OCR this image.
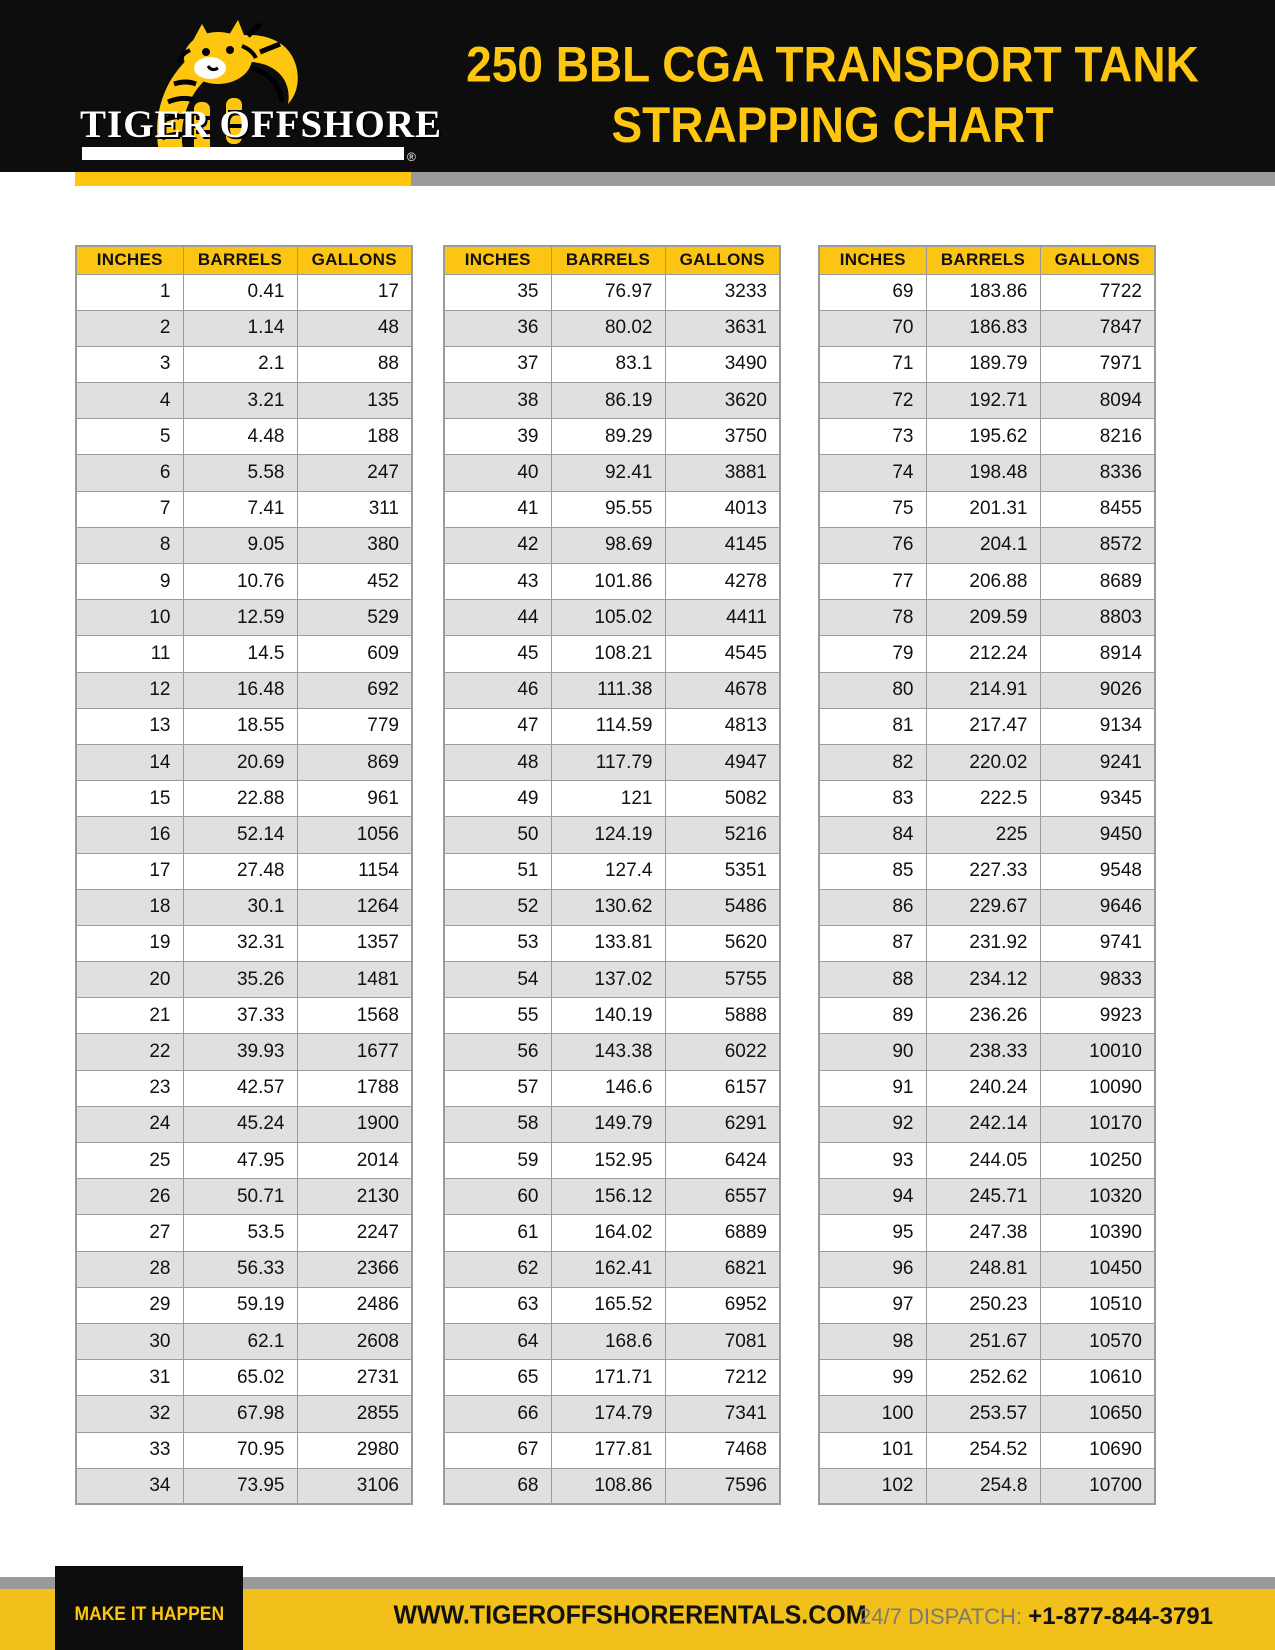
TIGER  OFFSHORE
®
250 BBL CGA TRANSPORT TANK
STRAPPING CHART
INCHES	BARRELS	GALLONS
1	0.41	17
2	1.14	48
3	2.1	88
4	3.21	135
5	4.48	188
6	5.58	247
7	7.41	311
8	9.05	380
9	10.76	452
10	12.59	529
11	14.5	609
12	16.48	692
13	18.55	779
14	20.69	869
15	22.88	961
16	52.14	1056
17	27.48	1154
18	30.1	1264
19	32.31	1357
20	35.26	1481
21	37.33	1568
22	39.93	1677
23	42.57	1788
24	45.24	1900
25	47.95	2014
26	50.71	2130
27	53.5	2247
28	56.33	2366
29	59.19	2486
30	62.1	2608
31	65.02	2731
32	67.98	2855
33	70.95	2980
34	73.95	3106
INCHES	BARRELS	GALLONS
35	76.97	3233
36	80.02	3631
37	83.1	3490
38	86.19	3620
39	89.29	3750
40	92.41	3881
41	95.55	4013
42	98.69	4145
43	101.86	4278
44	105.02	4411
45	108.21	4545
46	111.38	4678
47	114.59	4813
48	117.79	4947
49	121	5082
50	124.19	5216
51	127.4	5351
52	130.62	5486
53	133.81	5620
54	137.02	5755
55	140.19	5888
56	143.38	6022
57	146.6	6157
58	149.79	6291
59	152.95	6424
60	156.12	6557
61	164.02	6889
62	162.41	6821
63	165.52	6952
64	168.6	7081
65	171.71	7212
66	174.79	7341
67	177.81	7468
68	108.86	7596
INCHES	BARRELS	GALLONS
69	183.86	7722
70	186.83	7847
71	189.79	7971
72	192.71	8094
73	195.62	8216
74	198.48	8336
75	201.31	8455
76	204.1	8572
77	206.88	8689
78	209.59	8803
79	212.24	8914
80	214.91	9026
81	217.47	9134
82	220.02	9241
83	222.5	9345
84	225	9450
85	227.33	9548
86	229.67	9646
87	231.92	9741
88	234.12	9833
89	236.26	9923
90	238.33	10010
91	240.24	10090
92	242.14	10170
93	244.05	10250
94	245.71	10320
95	247.38	10390
96	248.81	10450
97	250.23	10510
98	251.67	10570
99	252.62	10610
100	253.57	10650
101	254.52	10690
102	254.8	10700
MAKE IT HAPPEN	WWW.TIGEROFFSHORERENTALS.COM
24/7 DISPATCH: +1-877-844-3791
